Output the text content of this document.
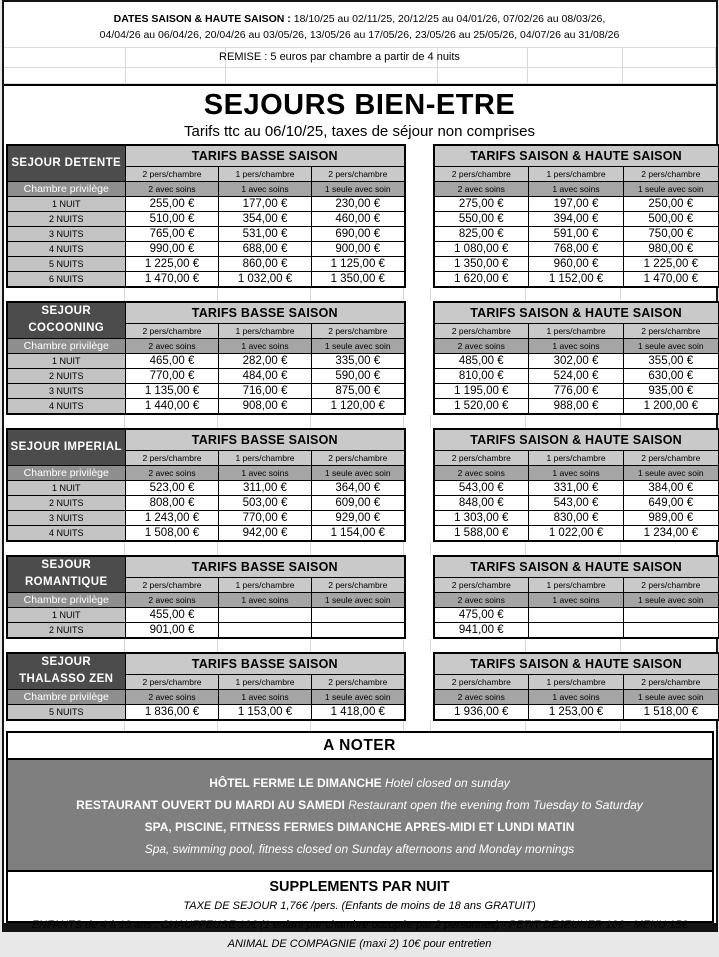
DATES SAISON & HAUTE SAISON : 18/10/25 au 02/11/25, 20/12/25 au 04/01/26, 07/02/26 au 08/03/26,
04/04/26 au 06/04/26, 20/04/26 au 03/05/26, 13/05/26 au 17/05/26, 23/05/26 au 25/05/26, 04/07/26 au 31/08/26
REMISE : 5 euros par chambre a partir de 4 nuits
SEJOURS BIEN-ETRE
Tarifs ttc au 06/10/25, taxes de séjour non comprises
SEJOUR DETENTE	TARIFS BASSE SAISON		
	2 pers/chambre	1 pers/chambre	2 pers/chambre
Chambre privilège	2 avec soins	1 avec soins	1 seule avec soin
1 NUIT	255,00 €	177,00 €	230,00 €
2 NUITS	510,00 €	354,00 €	460,00 €
3 NUITS	765,00 €	531,00 €	690,00 €
4 NUITS	990,00 €	688,00 €	900,00 €
5 NUITS	1 225,00 €	860,00 €	1 125,00 €
6 NUITS	1 470,00 €	1 032,00 €	1 350,00 €
TARIFS SAISON & HAUTE SAISON		
2 pers/chambre	1 pers/chambre	2 pers/chambre
2 avec soins	1 avec soins	1 seule avec soin
275,00 €	197,00 €	250,00 €
550,00 €	394,00 €	500,00 €
825,00 €	591,00 €	750,00 €
1 080,00 €	768,00 €	980,00 €
1 350,00 €	960,00 €	1 225,00 €
1 620,00 €	1 152,00 €	1 470,00 €
SEJOUR
COCOONING	TARIFS BASSE SAISON		
	2 pers/chambre	1 pers/chambre	2 pers/chambre
Chambre privilège	2 avec soins	1 avec soins	1 seule avec soin
1 NUIT	465,00 €	282,00 €	335,00 €
2 NUITS	770,00 €	484,00 €	590,00 €
3 NUITS	1 135,00 €	716,00 €	875,00 €
4 NUITS	1 440,00 €	908,00 €	1 120,00 €
TARIFS SAISON & HAUTE SAISON		
2 pers/chambre	1 pers/chambre	2 pers/chambre
2 avec soins	1 avec soins	1 seule avec soin
485,00 €	302,00 €	355,00 €
810,00 €	524,00 €	630,00 €
1 195,00 €	776,00 €	935,00 €
1 520,00 €	988,00 €	1 200,00 €
SEJOUR IMPERIAL	TARIFS BASSE SAISON		
	2 pers/chambre	1 pers/chambre	2 pers/chambre
Chambre privilège	2 avec soins	1 avec soins	1 seule avec soin
1 NUIT	523,00 €	311,00 €	364,00 €
2 NUITS	808,00 €	503,00 €	609,00 €
3 NUITS	1 243,00 €	770,00 €	929,00 €
4 NUITS	1 508,00 €	942,00 €	1 154,00 €
TARIFS SAISON & HAUTE SAISON		
2 pers/chambre	1 pers/chambre	2 pers/chambre
2 avec soins	1 avec soins	1 seule avec soin
543,00 €	331,00 €	384,00 €
848,00 €	543,00 €	649,00 €
1 303,00 €	830,00 €	989,00 €
1 588,00 €	1 022,00 €	1 234,00 €
SEJOUR
ROMANTIQUE	TARIFS BASSE SAISON		
	2 pers/chambre	1 pers/chambre	2 pers/chambre
Chambre privilège	2 avec soins	1 avec soins	1 seule avec soin
1 NUIT	455,00 €		
2 NUITS	901,00 €		
TARIFS SAISON & HAUTE SAISON		
2 pers/chambre	1 pers/chambre	2 pers/chambre
2 avec soins	1 avec soins	1 seule avec soin
475,00 €		
941,00 €		
SEJOUR
THALASSO ZEN	TARIFS BASSE SAISON		
	2 pers/chambre	1 pers/chambre	2 pers/chambre
Chambre privilège	2 avec soins	1 avec soins	1 seule avec soin
5 NUITS	1 836,00 €	1 153,00 €	1 418,00 €
TARIFS SAISON & HAUTE SAISON		
2 pers/chambre	1 pers/chambre	2 pers/chambre
2 avec soins	1 avec soins	1 seule avec soin
1 936,00 €	1 253,00 €	1 518,00 €
A NOTER
HÔTEL FERME LE DIMANCHE Hotel closed on sunday
RESTAURANT OUVERT DU MARDI AU SAMEDI Restaurant open the evening from Tuesday to Saturday
SPA, PISCINE, FITNESS FERMES DIMANCHE APRES-MIDI ET LUNDI MATIN
Spa, swimming pool, fitness closed on Sunday afternoons and Monday mornings
SUPPLEMENTS PAR NUIT
TAXE DE SEJOUR 1,76€ /pers. (Enfants de moins de 18 ans GRATUIT)
ENFANTS de 4 à 10 ans : CHAUFFEUSE 10€ (1 enfant par chambre occupée par 2 personnes) - PETIT DEJEUNER 10€ - MENU 15€
ANIMAL DE COMPAGNIE (maxi 2) 10€ pour entretien
